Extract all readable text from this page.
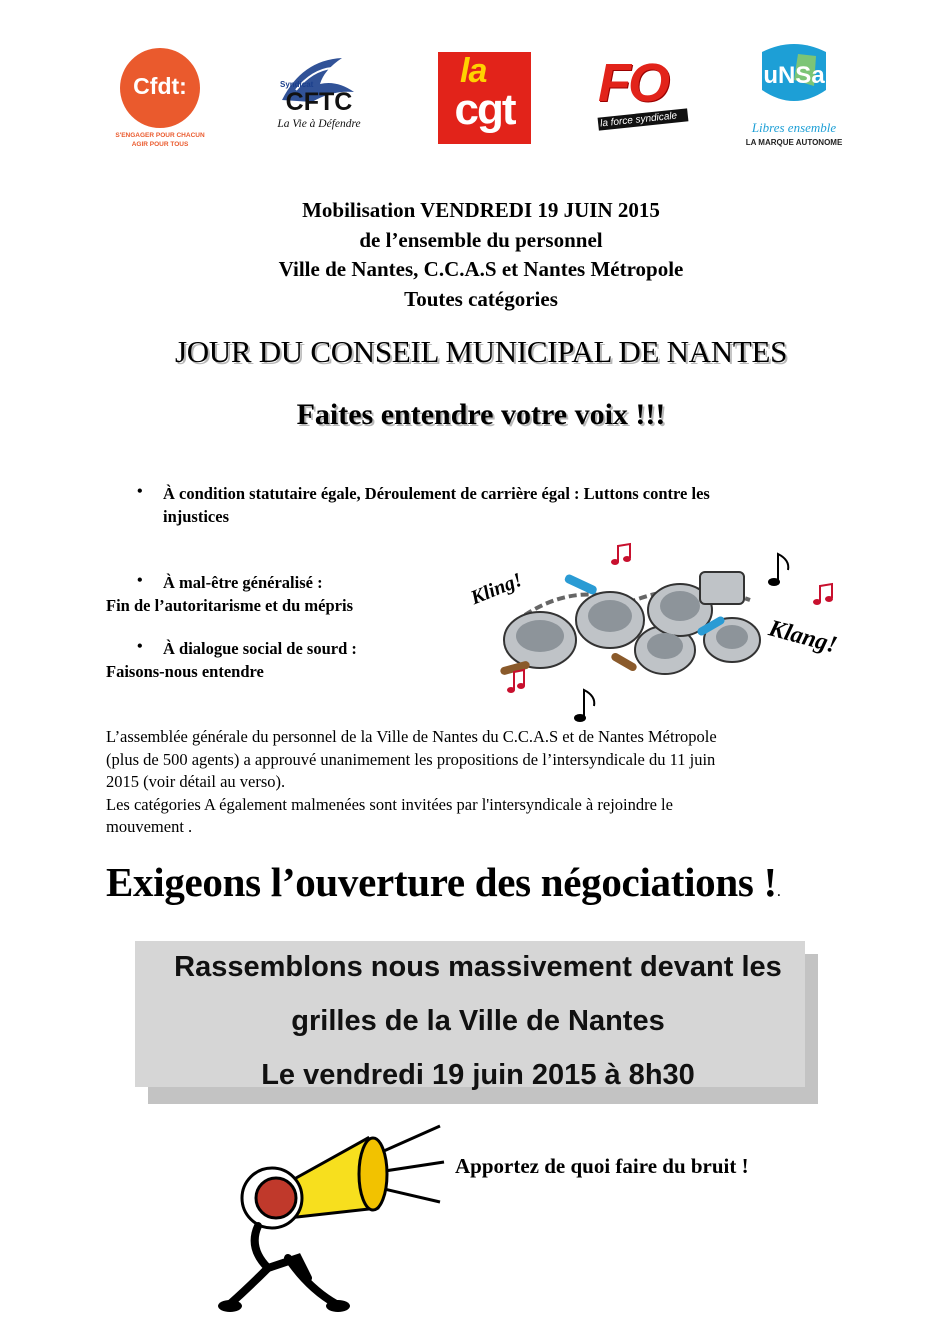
Cfdt:
S'ENGAGER POUR CHACUN
AGIR POUR TOUS
Syndicat
CFTC
La Vie à Défendre
la
cgt	FO
la force syndicale
uNSa
Libres ensemble
LA MARQUE AUTONOME
Mobilisation VENDREDI 19 JUIN 2015
de l’ensemble du personnel
Ville de Nantes, C.C.A.S et Nantes Métropole
Toutes catégories
JOUR DU CONSEIL MUNICIPAL DE NANTES
Faites entendre votre voix !!!
• À condition statutaire égale, Déroulement de carrière égal : Luttons contre les
injustices
• À mal-être généralisé :
Fin de l’autoritarisme et du mépris
• À dialogue social de sourd :
Faisons-nous entendre
Kling!
Klang!
L’assemblée générale du personnel de la Ville de Nantes du C.C.A.S et de Nantes Métropole
(plus de 500 agents) a approuvé unanimement les propositions de l’intersyndicale du 11 juin
2015 (voir détail au verso).
Les catégories A également malmenées sont invitées par l'intersyndicale à rejoindre le
mouvement .
Exigeons l’ouverture des négociations !.
Rassemblons nous massivement devant les
grilles de la Ville de Nantes
Le vendredi 19 juin 2015 à 8h30
Apportez de quoi faire du bruit !
